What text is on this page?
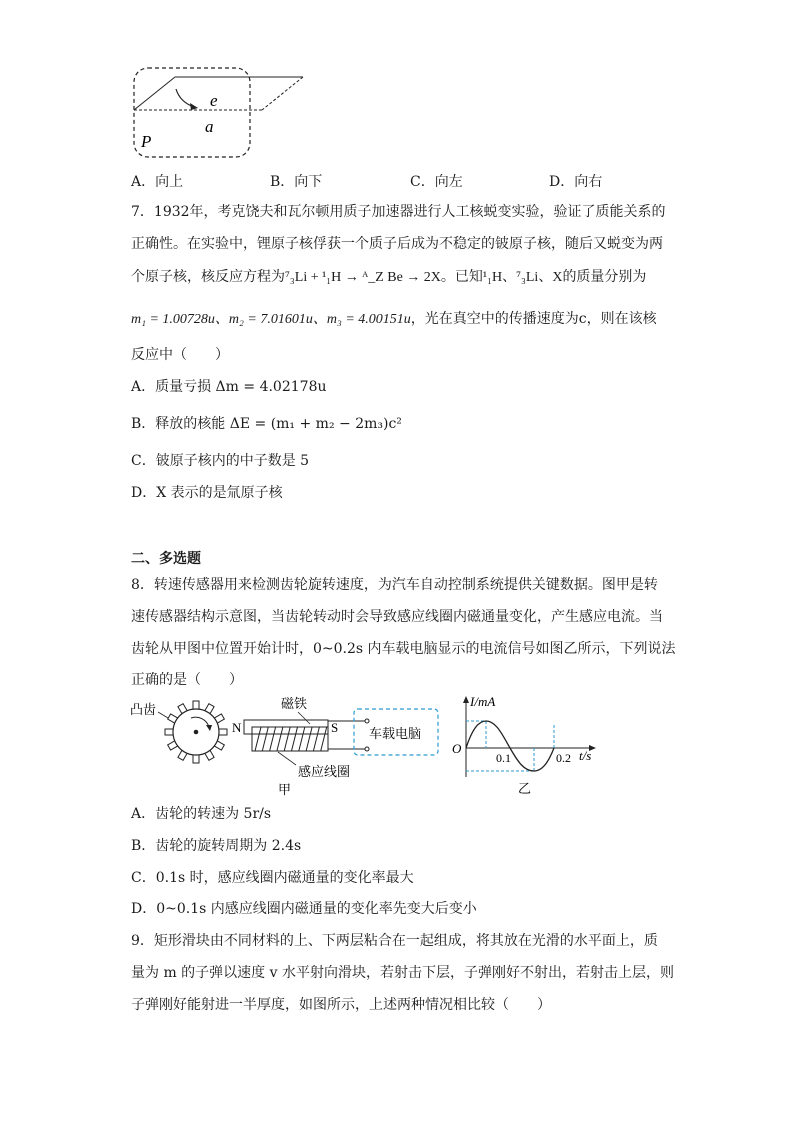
e
a
P
A．向上	B．向下	C．向左	D．向右
7．1932年，考克饶夫和瓦尔顿用质子加速器进行人工核蜕变实验，验证了质能关系的
正确性。在实验中，锂原子核俘获一个质子后成为不稳定的铍原子核，随后又蜕变为两
个原子核，核反应方程为⁷₃Li + ¹₁H → ᴬ_Z Be → 2X。已知¹₁H、⁷₃Li、X的质量分别为
m₁ = 1.00728u、m₂ = 7.01601u、m₃ = 4.00151u，光在真空中的传播速度为c，则在该核
反应中（　　）
A．质量亏损 Δm = 4.02178u
B．释放的核能 ΔE = (m₁ + m₂ − 2m₃)c²
C．铍原子核内的中子数是 5
D．X 表示的是氚原子核
二、多选题
8．转速传感器用来检测齿轮旋转速度，为汽车自动控制系统提供关键数据。图甲是转
速传感器结构示意图，当齿轮转动时会导致感应线圈内磁通量变化，产生感应电流。当
齿轮从甲图中位置开始计时，0~0.2s 内车载电脑显示的电流信号如图乙所示，下列说法
正确的是（　　）
凸齿
N	S
磁铁
车载电脑
感应线圈
甲
I/mA
O
0.1	0.2 t/s
乙
A．齿轮的转速为 5r/s
B．齿轮的旋转周期为 2.4s
C．0.1s 时，感应线圈内磁通量的变化率最大
D．0~0.1s 内感应线圈内磁通量的变化率先变大后变小
9．矩形滑块由不同材料的上、下两层粘合在一起组成，将其放在光滑的水平面上，质
量为 m 的子弹以速度 v 水平射向滑块，若射击下层，子弹刚好不射出，若射击上层，则
子弹刚好能射进一半厚度，如图所示，上述两种情况相比较（　　）
